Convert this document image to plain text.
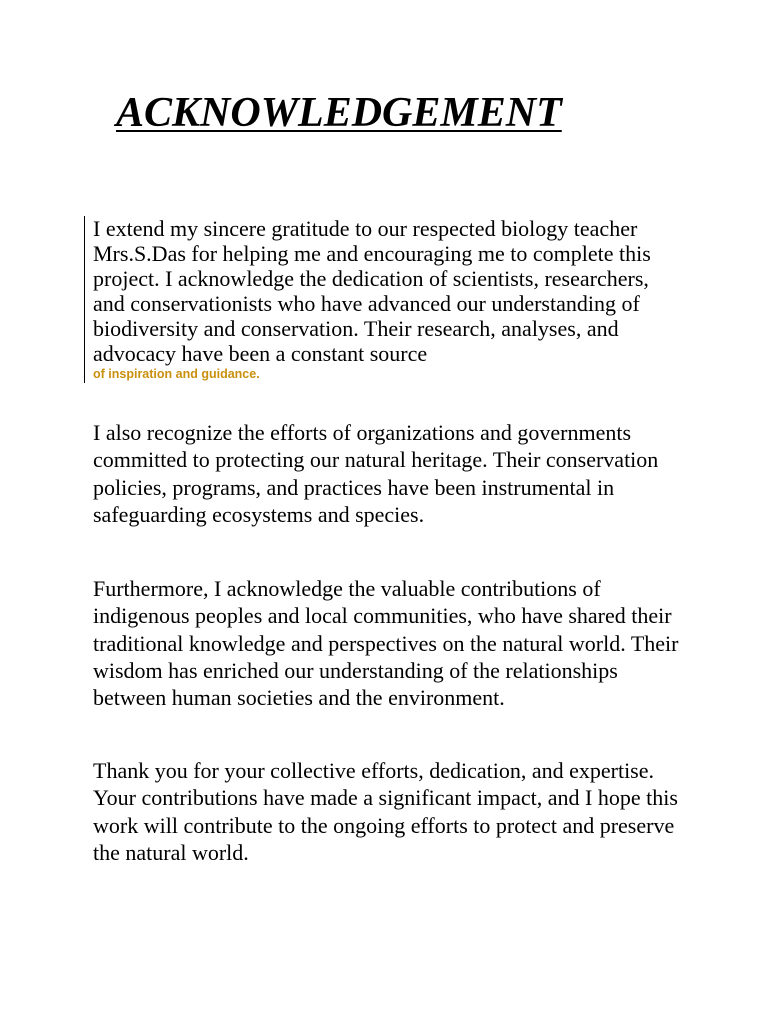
ACKNOWLEDGEMENT

I extend my sincere gratitude to our respected biology teacher Mrs.S.Das for helping me and encouraging me to complete this project. I acknowledge the dedication of scientists, researchers, and conservationists who have advanced our understanding of biodiversity and conservation. Their research, analyses, and advocacy have been a constant source
of inspiration and guidance.

I also recognize the efforts of organizations and governments committed to protecting our natural heritage. Their conservation policies, programs, and practices have been instrumental in safeguarding ecosystems and species.

Furthermore, I acknowledge the valuable contributions of indigenous peoples and local communities, who have shared their traditional knowledge and perspectives on the natural world. Their wisdom has enriched our understanding of the relationships between human societies and the environment.

Thank you for your collective efforts, dedication, and expertise. Your contributions have made a significant impact, and I hope this work will contribute to the ongoing efforts to protect and preserve the natural world.
